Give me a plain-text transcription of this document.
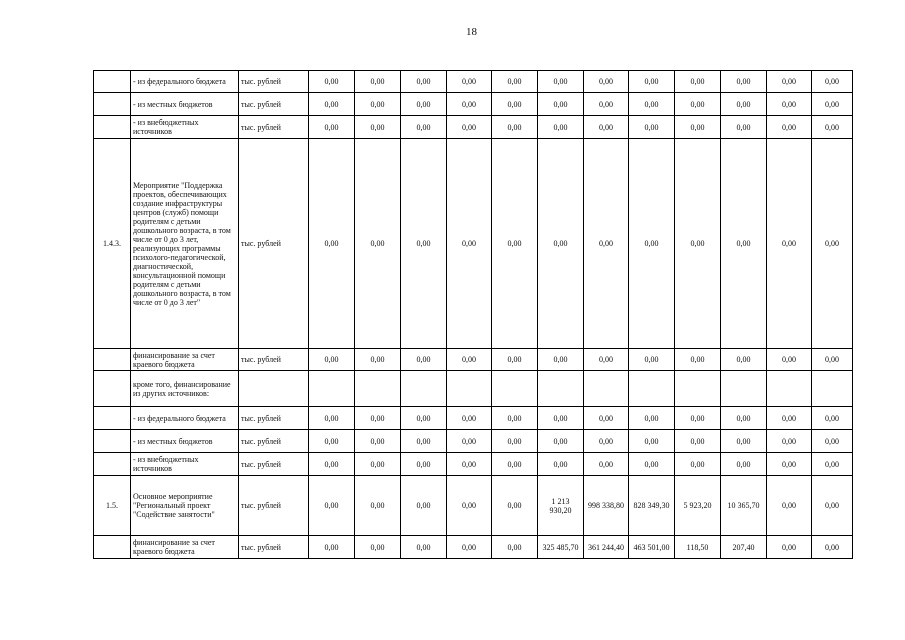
18
	- из федерального бюджета	тыс. рублей	0,00	0,00	0,00	0,00	0,00	0,00	0,00	0,00	0,00	0,00	0,00	0,00
	- из местных бюджетов	тыс. рублей	0,00	0,00	0,00	0,00	0,00	0,00	0,00	0,00	0,00	0,00	0,00	0,00
	- из внебюджетных источников	тыс. рублей	0,00	0,00	0,00	0,00	0,00	0,00	0,00	0,00	0,00	0,00	0,00	0,00
1.4.3.	Мероприятие "Поддержка проектов, обеспечивающих создание инфраструктуры центров (служб) помощи родителям с детьми дошкольного возраста, в том числе от 0 до 3 лет, реализующих программы психолого-педагогической, диагностической, консультационной помощи родителям с детьми дошкольного возраста, в том числе от 0 до 3 лет"	тыс. рублей	0,00	0,00	0,00	0,00	0,00	0,00	0,00	0,00	0,00	0,00	0,00	0,00
	финансирование за счет краевого бюджета	тыс. рублей	0,00	0,00	0,00	0,00	0,00	0,00	0,00	0,00	0,00	0,00	0,00	0,00
	кроме того, финансирование из других источников:													
	- из федерального бюджета	тыс. рублей	0,00	0,00	0,00	0,00	0,00	0,00	0,00	0,00	0,00	0,00	0,00	0,00
	- из местных бюджетов	тыс. рублей	0,00	0,00	0,00	0,00	0,00	0,00	0,00	0,00	0,00	0,00	0,00	0,00
	- из внебюджетных источников	тыс. рублей	0,00	0,00	0,00	0,00	0,00	0,00	0,00	0,00	0,00	0,00	0,00	0,00
1.5.	Основное мероприятие "Региональный проект "Содействие занятости"	тыс. рублей	0,00	0,00	0,00	0,00	0,00	1 213 930,20	998 338,80	828 349,30	5 923,20	10 365,70	0,00	0,00
	финансирование за счет краевого бюджета	тыс. рублей	0,00	0,00	0,00	0,00	0,00	325 485,70	361 244,40	463 501,00	118,50	207,40	0,00	0,00
